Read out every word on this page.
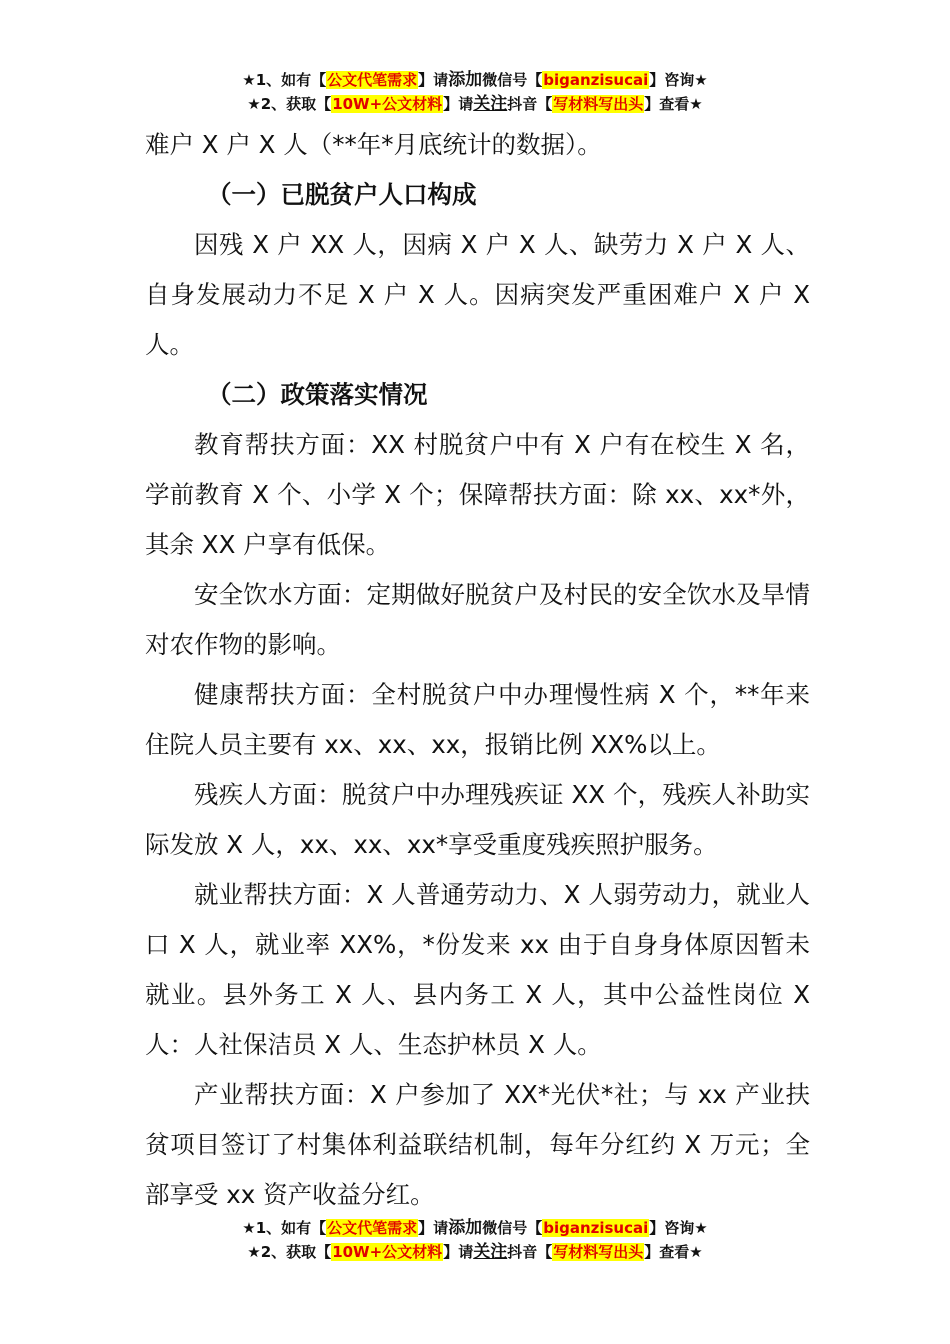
★1、如有【公文代笔需求】请添加微信号【biganzisucai】咨询★
★2、获取【10W+公文材料】请关注抖音【写材料写出头】查看★

难户 X 户 X 人（**年*月底统计的数据）。

（一）已脱贫户人口构成

因残 X 户 XX 人，因病 X 户 X 人、缺劳力 X 户 X 人、自身发展动力不足 X 户 X 人。因病突发严重困难户 X 户 X 人。

（二）政策落实情况

教育帮扶方面：XX 村脱贫户中有 X 户有在校生 X 名，学前教育 X 个、小学 X 个；保障帮扶方面：除 xx、xx*外，其余 XX 户享有低保。

安全饮水方面：定期做好脱贫户及村民的安全饮水及旱情对农作物的影响。

健康帮扶方面：全村脱贫户中办理慢性病 X 个，**年来住院人员主要有 xx、xx、xx，报销比例 XX%以上。

残疾人方面：脱贫户中办理残疾证 XX 个，残疾人补助实际发放 X 人，xx、xx、xx*享受重度残疾照护服务。

就业帮扶方面：X 人普通劳动力、X 人弱劳动力，就业人口 X 人，就业率 XX%，*份发来 xx 由于自身身体原因暂未就业。县外务工 X 人、县内务工 X 人，其中公益性岗位 X 人：人社保洁员 X 人、生态护林员 X 人。

产业帮扶方面：X 户参加了 XX*光伏*社；与 xx 产业扶贫项目签订了村集体利益联结机制，每年分红约 X 万元；全部享受 xx 资产收益分红。

★1、如有【公文代笔需求】请添加微信号【biganzisucai】咨询★
★2、获取【10W+公文材料】请关注抖音【写材料写出头】查看★
